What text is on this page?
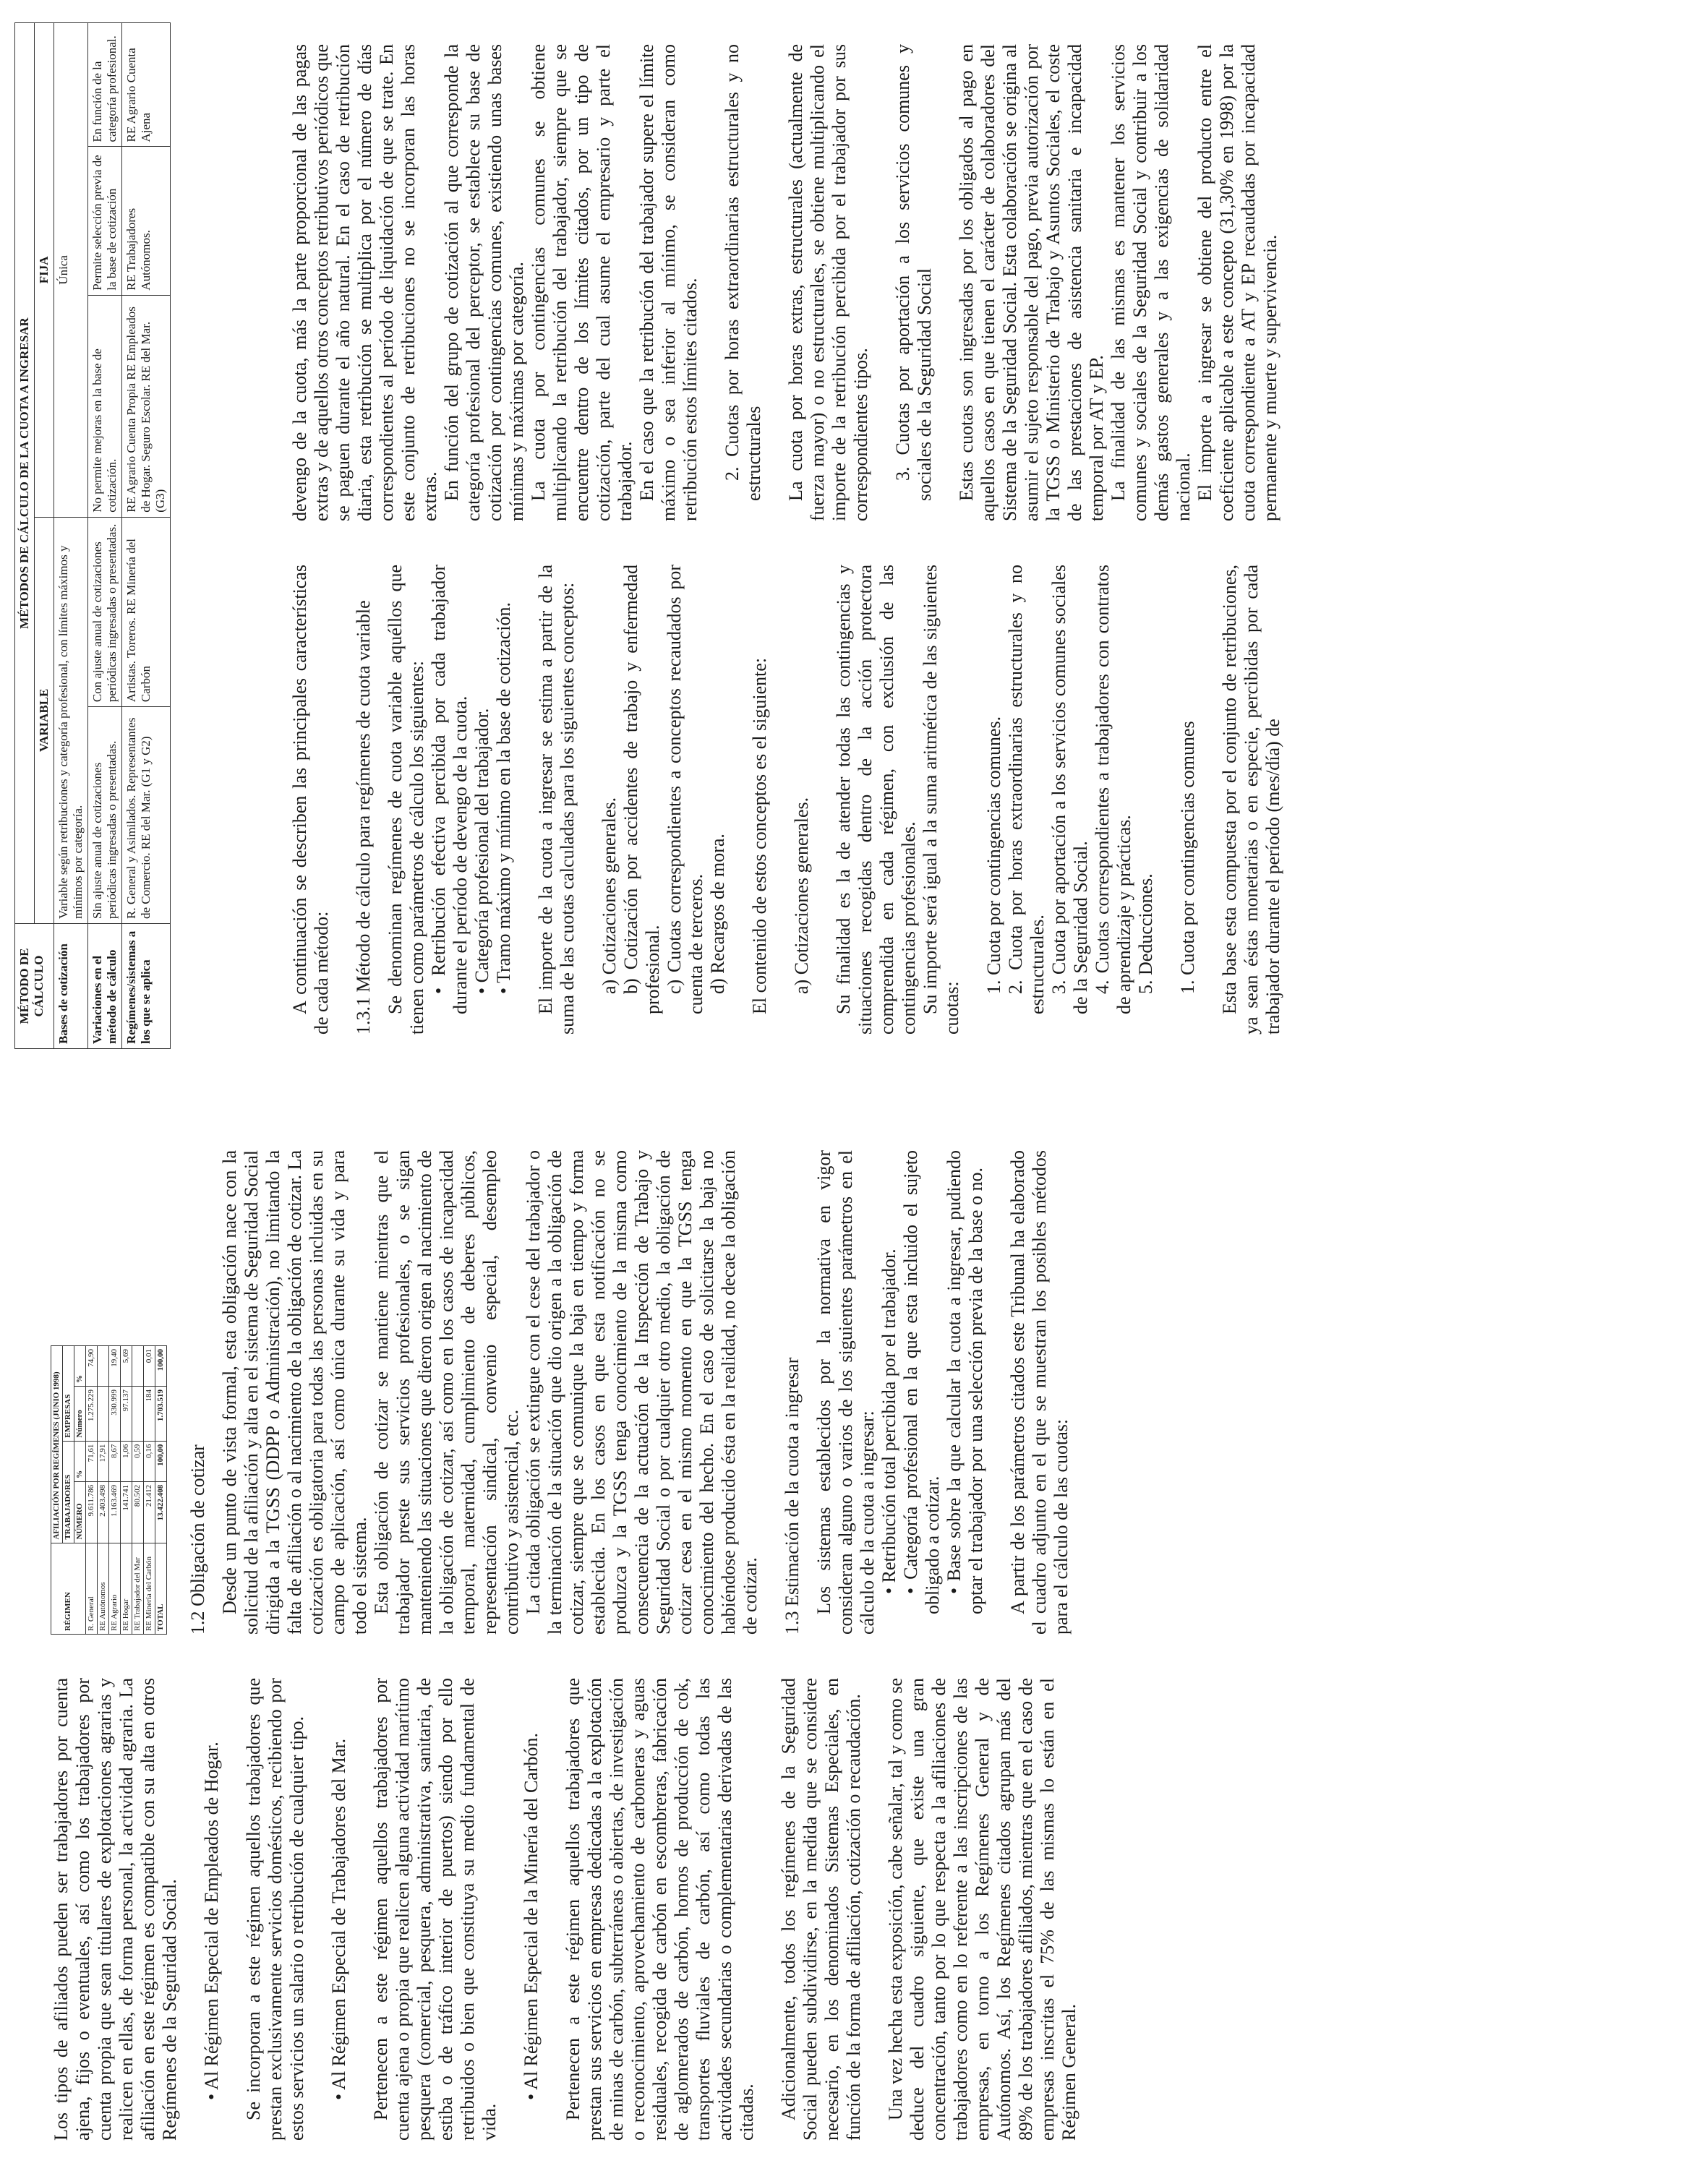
Los tipos de afiliados pueden ser trabajadores por cuenta ajena, fijos o eventuales, así como los trabajadores por cuenta propia que sean titulares de explotaciones agrarias y realicen en ellas, de forma personal, la actividad agraria. La afiliación en este régimen es compatible con su alta en otros Regímenes de la Seguridad Social. • Al Régimen Especial de Empleados de Hogar. Se incorporan a este régimen aquellos trabajadores que prestan exclusivamente servicios domésticos, recibiendo por estos servicios un salario o retribución de cualquier tipo. • Al Régimen Especial de Trabajadores del Mar. Pertenecen a este régimen aquellos trabajadores por cuenta ajena o propia que realicen alguna actividad marítimo pesquera (comercial, pesquera, administrativa, sanitaria, de estiba o de tráfico interior de puertos) siendo por ello retribuidos o bien que constituya su medio fundamental de vida.

• Al Régimen Especial de la Minería del Carbón. Pertenecen a este régimen aquellos trabajadores que prestan sus servicios en empresas dedicadas a la explotación de minas de carbón, subterráneas o abiertas, de investigación o reconocimiento, aprovechamiento de carboneras y aguas residuales, recogida de carbón en escombreras, fabricación de aglomerados de carbón, hornos de producción de cok, transportes fluviales de carbón, así como todas las actividades secundarias o complementarias derivadas de las citadas. Adicionalmente, todos los regímenes de la Seguridad Social pueden subdividirse, en la medida que se considere necesario, en los denominados Sistemas Especiales, en función de la forma de afiliación, cotización o recaudación. Una vez hecha esta exposición, cabe señalar, tal y como se deduce del cuadro siguiente, que existe una gran concentración, tanto por lo que respecta a la afiliaciones de trabajadores como en lo referente a las inscripciones de las empresas, en torno a los Regímenes General y de Autónomos. Así, los Regímenes citados agrupan más del 89% de los trabajadores afiliados, mientras que en el caso de empresas inscritas el 75% de las mismas lo están en el Régimen General.

RÉGIMEN	AFILIACIÓN POR REGÍMENES (JUNIO 1998)			
	TRABAJADORES		EMPRESAS	
	NÚMERO	%	Número	%
R. General	9.611.786	71,61	1.275.229	74,90
RE Autónomos	2.403.498	17,91		
RE Agrario	1.163.469	8,67	330.999	19,40
RE Hogar	141.741	1,06	97.137	5,69
RE Trabajador del Mar	80.502	0,59		
RE Minería del Carbón	21.412	0,16	184	0,01
TOTAL	13.422.408	100,00	1.703.519	100,00
1.2 Obligación de cotizar Desde un punto de vista formal, esta obligación nace con la solicitud de la afiliación y alta en el sistema de Seguridad Social dirigida a la TGSS (DDPP o Administración), no limitando la falta de afiliación o al nacimiento de la obligación de cotizar. La cotización es obligatoria para todas las personas incluidas en su campo de aplicación, así como única durante su vida y para todo el sistema. Esta obligación de cotizar se mantiene mientras que el trabajador preste sus servicios profesionales, o se sigan manteniendo las situaciones que dieron origen al nacimiento de la obligación de cotizar, así como en los casos de incapacidad temporal, maternidad, cumplimiento de deberes públicos, representación sindical, convenio especial, desempleo contributivo y asistencial, etc. La citada obligación se extingue con el cese del trabajador o la terminación de la situación que dio origen a la obligación de cotizar, siempre que se comunique la baja en tiempo y forma establecida. En los casos en que esta notificación no se produzca y la TGSS tenga conocimiento de la misma como consecuencia de la actuación de la Inspección de Trabajo y Seguridad Social o por cualquier otro medio, la obligación de cotizar cesa en el mismo momento en que la TGSS tenga conocimiento del hecho. En el caso de solicitarse la baja no habiéndose producido ésta en la realidad, no decae la obligación de cotizar. 1.3 Estimación de la cuota a ingresar Los sistemas establecidos por la normativa en vigor consideran alguno o varios de los siguientes parámetros en el cálculo de la cuota a ingresar: • Retribución total percibida por el trabajador. • Categoría profesional en la que esta incluido el sujeto obligado a cotizar. • Base sobre la que calcular la cuota a ingresar, pudiendo optar el trabajador por una selección previa de la base o no. A partir de los parámetros citados este Tribunal ha elaborado el cuadro adjunto en el que se muestran los posibles métodos para el cálculo de las cuotas:

MÉTODO DE CÁLCULO	MÉTODOS DE CÁLCULO DE LA CUOTA A INGRESAR				
	VARIABLE		FIJA		
Bases de cotización	Variable según retribuciones y categoría profesional, con límites máximos y mínimos por categoría.		Única		
Variaciones en el método de cálculo	Sin ajuste anual de cotizaciones periódicas ingresadas o presentadas.	Con ajuste anual de cotizaciones periódicas ingresadas o presentadas.	No permite mejoras en la base de cotización.	Permite selección previa de la base de cotización	En función de la categoría profesional.
Regímenes/sistemas a los que se aplica	R. General y Asimilados. Representantes de Comercio. RE del Mar. (G1 y G2)	Artistas. Toreros. RE Minería del Carbón	RE Agrario Cuenta Propia RE Empleados de Hogar. Seguro Escolar. RE del Mar. (G3)	RE Trabajadores Autónomos.	RE Agrario Cuenta Ajena

A continuación se describen las principales características de cada método: 1.3.1 Método de cálculo para regímenes de cuota variable Se denominan regímenes de cuota variable aquéllos que tienen como parámetros de cálculo los siguientes: • Retribución efectiva percibida por cada trabajador durante el período de devengo de la cuota. • Categoría profesional del trabajador. • Tramo máximo y mínimo en la base de cotización. El importe de la cuota a ingresar se estima a partir de la suma de las cuotas calculadas para los siguientes conceptos: a) Cotizaciones generales. b) Cotización por accidentes de trabajo y enfermedad profesional. c) Cuotas correspondientes a conceptos recaudados por cuenta de terceros. d) Recargos de mora. El contenido de estos conceptos es el siguiente: a) Cotizaciones generales. Su finalidad es la de atender todas las contingencias y situaciones recogidas dentro de la acción protectora comprendida en cada régimen, con exclusión de las contingencias profesionales. Su importe será igual a la suma aritmética de las siguientes cuotas:

1. Cuota por contingencias comunes. 2. Cuota por horas extraordinarias estructurales y no estructurales. 3. Cuota por aportación a los servicios comunes sociales de la Seguridad Social. 4. Cuotas correspondientes a trabajadores con contratos de aprendizaje y prácticas. 5. Deducciones. 1. Cuota por contingencias comunes Esta base esta compuesta por el conjunto de retribuciones, ya sean éstas monetarias o en especie, percibidas por cada trabajador durante el período (mes/día) de

devengo de la cuota, más la parte proporcional de las pagas extras y de aquellos otros conceptos retributivos periódicos que se paguen durante el año natural. En el caso de retribución diaria, esta retribución se multiplica por el número de días correspondientes al período de liquidación de que se trate. En este conjunto de retribuciones no se incorporan las horas extras. En función del grupo de cotización al que corresponde la categoría profesional del perceptor, se establece su base de cotización por contingencias comunes, existiendo unas bases mínimas y máximas por categoría. La cuota por contingencias comunes se obtiene multiplicando la retribución del trabajador, siempre que se encuentre dentro de los límites citados, por un tipo de cotización, parte del cual asume el empresario y parte el trabajador. En el caso que la retribución del trabajador supere el límite máximo o sea inferior al mínimo, se consideran como retribución estos límites citados. 2. Cuotas por horas extraordinarias estructurales y no estructurales La cuota por horas extras, estructurales (actualmente de fuerza mayor) o no estructurales, se obtiene multiplicando el importe de la retribución percibida por el trabajador por sus correspondientes tipos. 3. Cuotas por aportación a los servicios comunes y sociales de la Seguridad Social Estas cuotas son ingresadas por los obligados al pago en aquellos casos en que tienen el carácter de colaboradores del Sistema de la Seguridad Social. Esta colaboración se origina al asumir el sujeto responsable del pago, previa autorización por la TGSS o Ministerio de Trabajo y Asuntos Sociales, el coste de las prestaciones de asistencia sanitaria e incapacidad temporal por AT y EP. La finalidad de las mismas es mantener los servicios comunes y sociales de la Seguridad Social y contribuir a los demás gastos generales y a las exigencias de solidaridad nacional. El importe a ingresar se obtiene del producto entre el coeficiente aplicable a este concepto (31,30% en 1998) por la cuota correspondiente a AT y EP recaudadas por incapacidad permanente y muerte y supervivencia.
